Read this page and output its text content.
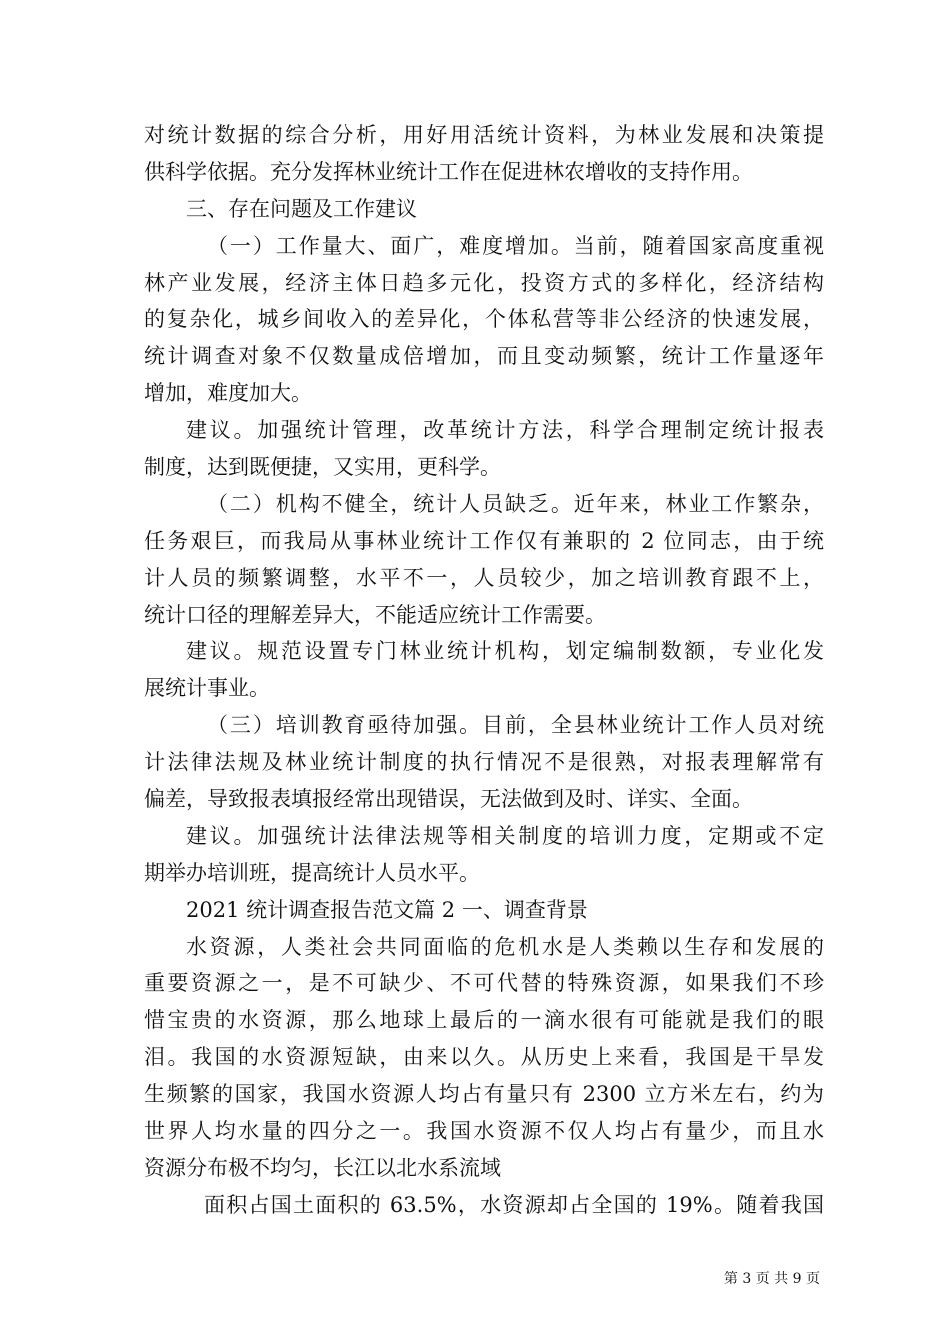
对统计数据的综合分析，用好用活统计资料，为林业发展和决策提
供科学依据。充分发挥林业统计工作在促进林农增收的支持作用。
三、存在问题及工作建议
（一）工作量大、面广，难度增加。当前，随着国家高度重视
林产业发展，经济主体日趋多元化，投资方式的多样化，经济结构
的复杂化，城乡间收入的差异化，个体私营等非公经济的快速发展，
统计调查对象不仅数量成倍增加，而且变动频繁，统计工作量逐年
增加，难度加大。
建议。加强统计管理，改革统计方法，科学合理制定统计报表
制度，达到既便捷，又实用，更科学。
（二）机构不健全，统计人员缺乏。近年来，林业工作繁杂，
任务艰巨，而我局从事林业统计工作仅有兼职的 2 位同志，由于统
计人员的频繁调整，水平不一，人员较少，加之培训教育跟不上，
统计口径的理解差异大，不能适应统计工作需要。
建议。规范设置专门林业统计机构，划定编制数额，专业化发
展统计事业。
（三）培训教育亟待加强。目前，全县林业统计工作人员对统
计法律法规及林业统计制度的执行情况不是很熟，对报表理解常有
偏差，导致报表填报经常出现错误，无法做到及时、详实、全面。
建议。加强统计法律法规等相关制度的培训力度，定期或不定
期举办培训班，提高统计人员水平。
2021 统计调查报告范文篇 2 一、调查背景
水资源，人类社会共同面临的危机水是人类赖以生存和发展的
重要资源之一，是不可缺少、不可代替的特殊资源，如果我们不珍
惜宝贵的水资源，那么地球上最后的一滴水很有可能就是我们的眼
泪。我国的水资源短缺，由来以久。从历史上来看，我国是干旱发
生频繁的国家，我国水资源人均占有量只有 2300 立方米左右，约为
世界人均水量的四分之一。我国水资源不仅人均占有量少，而且水
资源分布极不均匀，长江以北水系流域
面积占国土面积的 63.5%，水资源却占全国的 19%。随着我国
第 3 页 共 9 页
